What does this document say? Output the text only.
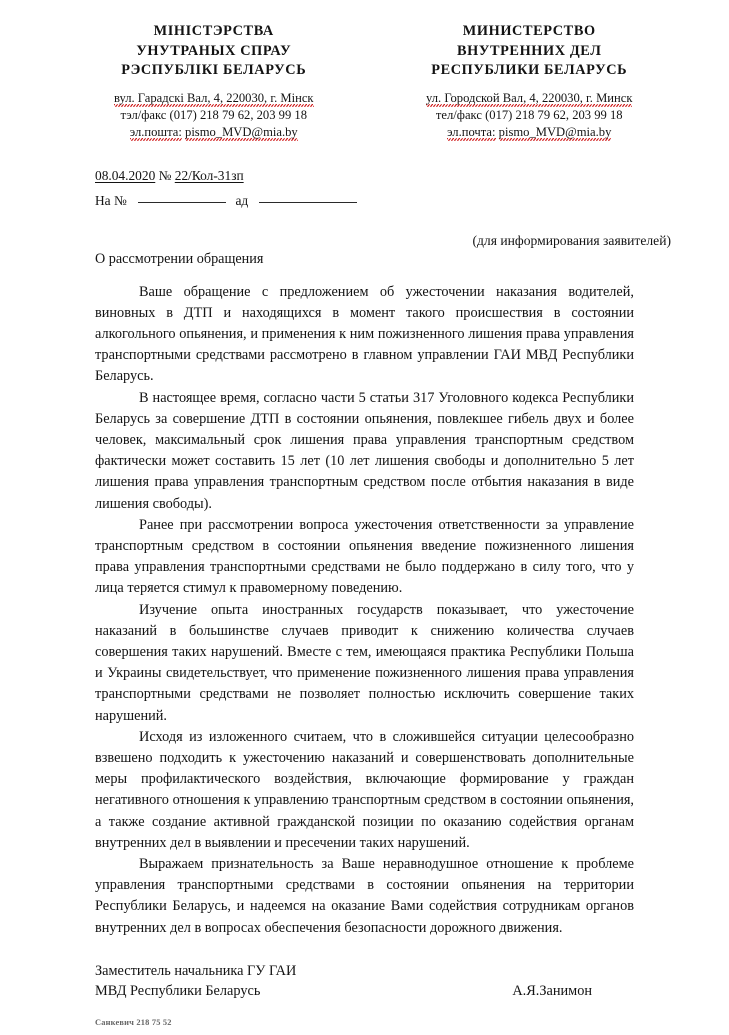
МІНІСТЭРСТВА
УНУТРАНЫХ СПРАУ
РЭСПУБЛІКІ БЕЛАРУСЬ
вул. Гарадскі Вал, 4, 220030, г. Мінск
тэл/факс (017) 218 79 62, 203 99 18
эл.пошта: pismo_MVD@mia.by
МИНИСТЕРСТВО
ВНУТРЕННИХ ДЕЛ
РЕСПУБЛИКИ БЕЛАРУСЬ
ул. Городской Вал, 4, 220030, г. Минск
тел/факс (017) 218 79 62, 203 99 18
эл.почта: pismo_MVD@mia.by
08.04.2020 № 22/Кол-31зп
На №	ад
(для информирования заявителей)
О рассмотрении обращения

Ваше обращение с предложением об ужесточении наказания водителей, виновных в ДТП и находящихся в момент такого происшествия в состоянии алкогольного опьянения, и применения к ним пожизненного лишения права управления транспортными средствами рассмотрено в главном управлении ГАИ МВД Республики Беларусь.

В настоящее время, согласно части 5 статьи 317 Уголовного кодекса Республики Беларусь за совершение ДТП в состоянии опьянения, повлекшее гибель двух и более человек, максимальный срок лишения права управления транспортным средством фактически может составить 15 лет (10 лет лишения свободы и дополнительно 5 лет лишения права управления транспортным средством после отбытия наказания в виде лишения свободы).

Ранее при рассмотрении вопроса ужесточения ответственности за управление транспортным средством в состоянии опьянения введение пожизненного лишения права управления транспортными средствами не было поддержано в силу того, что у лица теряется стимул к правомерному поведению.

Изучение опыта иностранных государств показывает, что ужесточение наказаний в большинстве случаев приводит к снижению количества случаев совершения таких нарушений. Вместе с тем, имеющаяся практика Республики Польша и Украины свидетельствует, что применение пожизненного лишения права управления транспортными средствами не позволяет полностью исключить совершение таких нарушений.

Исходя из изложенного считаем, что в сложившейся ситуации целесообразно взвешено подходить к ужесточению наказаний и совершенствовать дополнительные меры профилактического воздействия, включающие формирование у граждан негативного отношения к управлению транспортным средством в состоянии опьянения, а также создание активной гражданской позиции по оказанию содействия органам внутренних дел в выявлении и пресечении таких нарушений.

Выражаем признательность за Ваше неравнодушное отношение к проблеме управления транспортными средствами в состоянии опьянения на территории Республики Беларусь, и надеемся на оказание Вами содействия сотрудникам органов внутренних дел в вопросах обеспечения безопасности дорожного движения.

Заместитель начальника ГУ ГАИ
МВД Республики Беларусь	А.Я.Занимон
Санкевич 218 75 52
